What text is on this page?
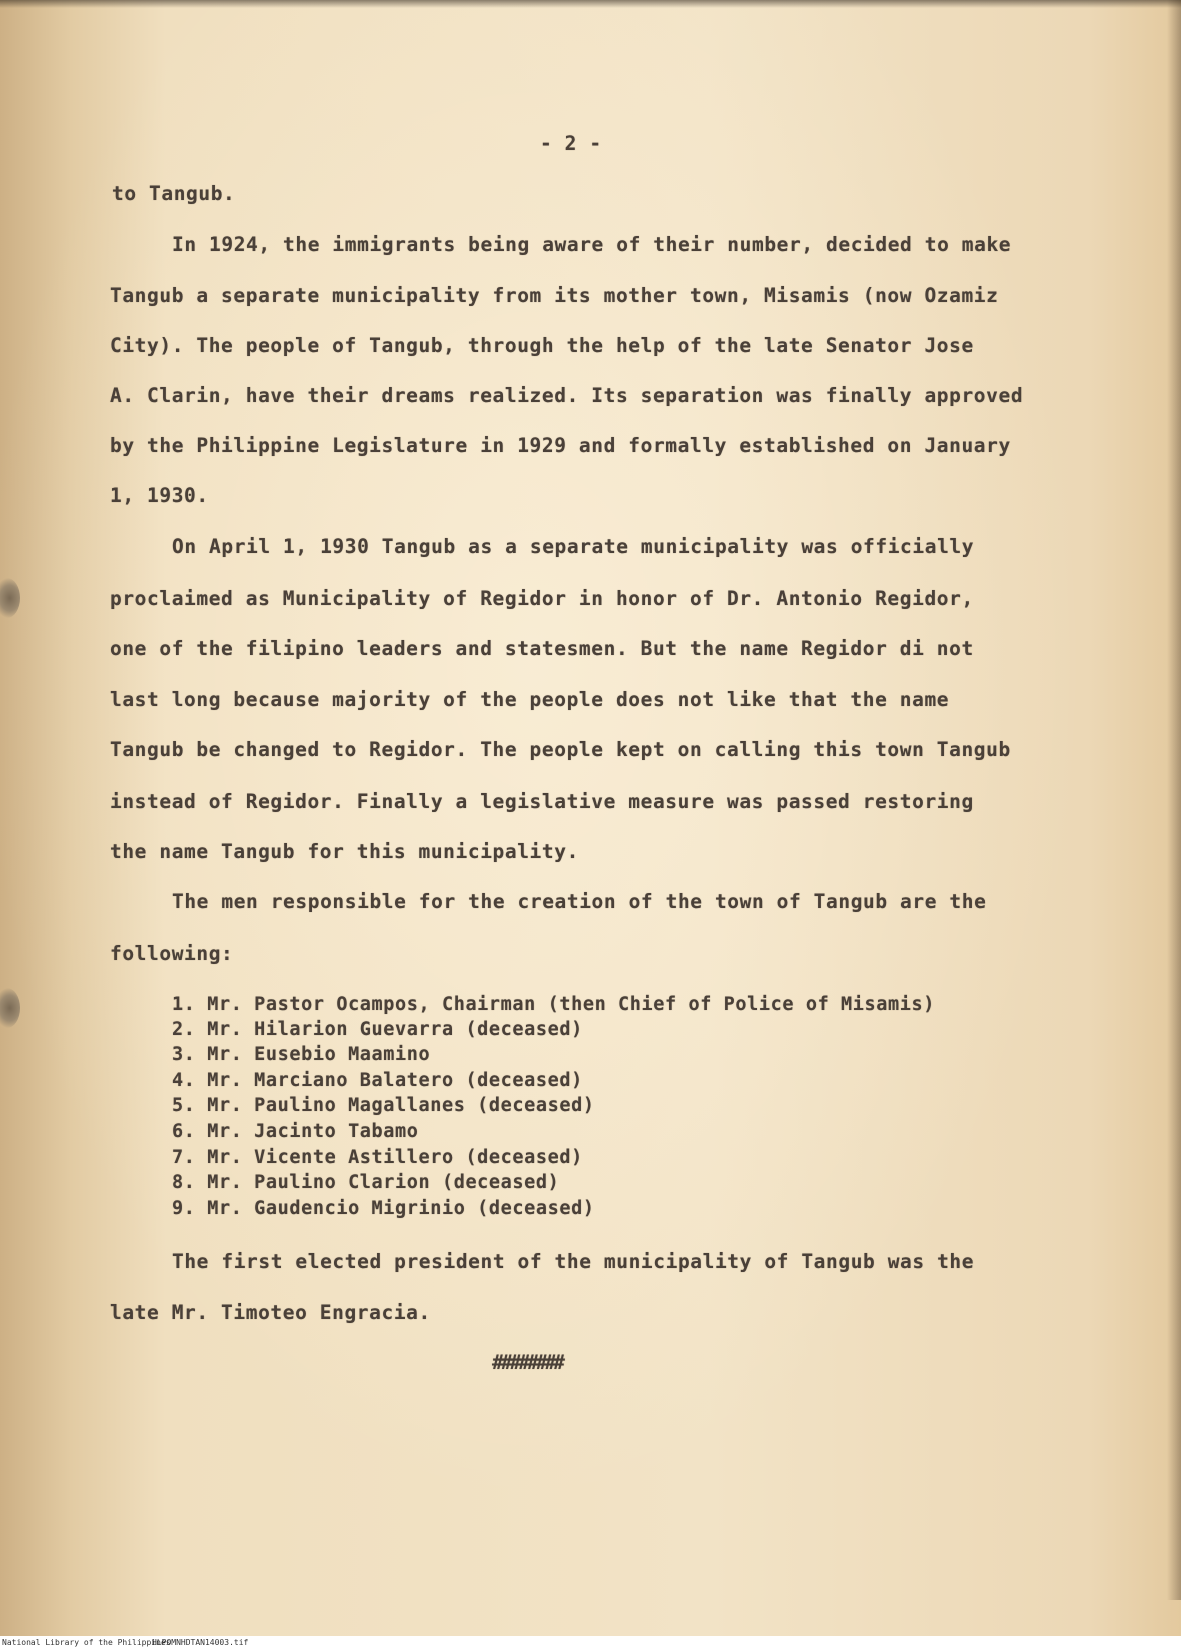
- 2 -
to Tangub.
In 1924, the immigrants being aware of their number, decided to make
Tangub a separate municipality from its mother town, Misamis (now Ozamiz
City). The people of Tangub, through the help of the late Senator Jose
A. Clarin, have their dreams realized. Its separation was finally approved
by the Philippine Legislature in 1929 and formally established on January
1, 1930.
On April 1, 1930 Tangub as a separate municipality was officially
proclaimed as Municipality of Regidor in honor of Dr. Antonio Regidor,
one of the filipino leaders and statesmen. But the name Regidor di not
last long because majority of the people does not like that the name
Tangub be changed to Regidor. The people kept on calling this town Tangub
instead of Regidor. Finally a legislative measure was passed restoring
the name Tangub for this municipality.
The men responsible for the creation of the town of Tangub are the
following:
1. Mr. Pastor Ocampos, Chairman (then Chief of Police of Misamis)
2. Mr. Hilarion Guevarra (deceased)
3. Mr. Eusebio Maamino
4. Mr. Marciano Balatero (deceased)
5. Mr. Paulino Magallanes (deceased)
6. Mr. Jacinto Tabamo
7. Mr. Vicente Astillero (deceased)
8. Mr. Paulino Clarion (deceased)
9. Mr. Gaudencio Migrinio (deceased)
The first elected president of the municipality of Tangub was the
late Mr. Timoteo Engracia.
########
National Library of the Philippines
HLPOMNHDTAN14003.tif
